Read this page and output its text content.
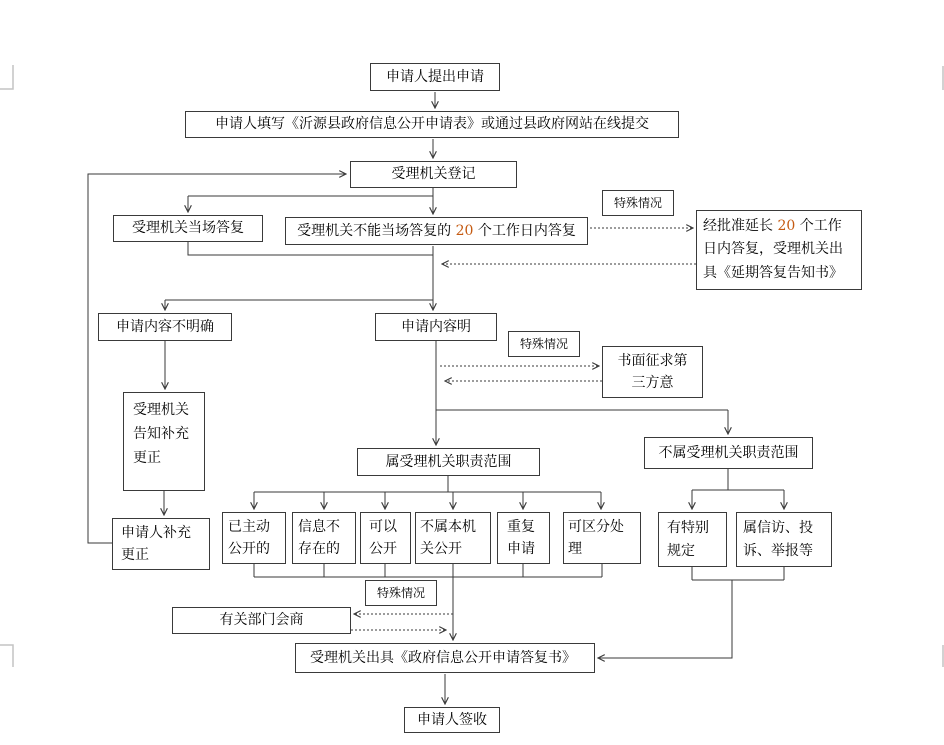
申请人提出申请
申请人填写《沂源县政府信息公开申请表》或通过县政府网站在线提交
受理机关登记
受理机关当场答复	受理机关不能当场答复的 20 个工作日内答复
特殊情况
经批准延长 20 个工作日内答复，受理机关出具《延期答复告知书》
申请内容不明确	申请内容明
特殊情况
书面征求第三方意
受理机关告知补充更正
申请人补充更正
属受理机关职责范围
不属受理机关职责范围
已主动公开的
信息不存在的
可以公开
不属本机关公开
重复申请
可区分处理
有特别规定
属信访、投诉、举报等
特殊情况
有关部门会商
受理机关出具《政府信息公开申请答复书》
申请人签收
